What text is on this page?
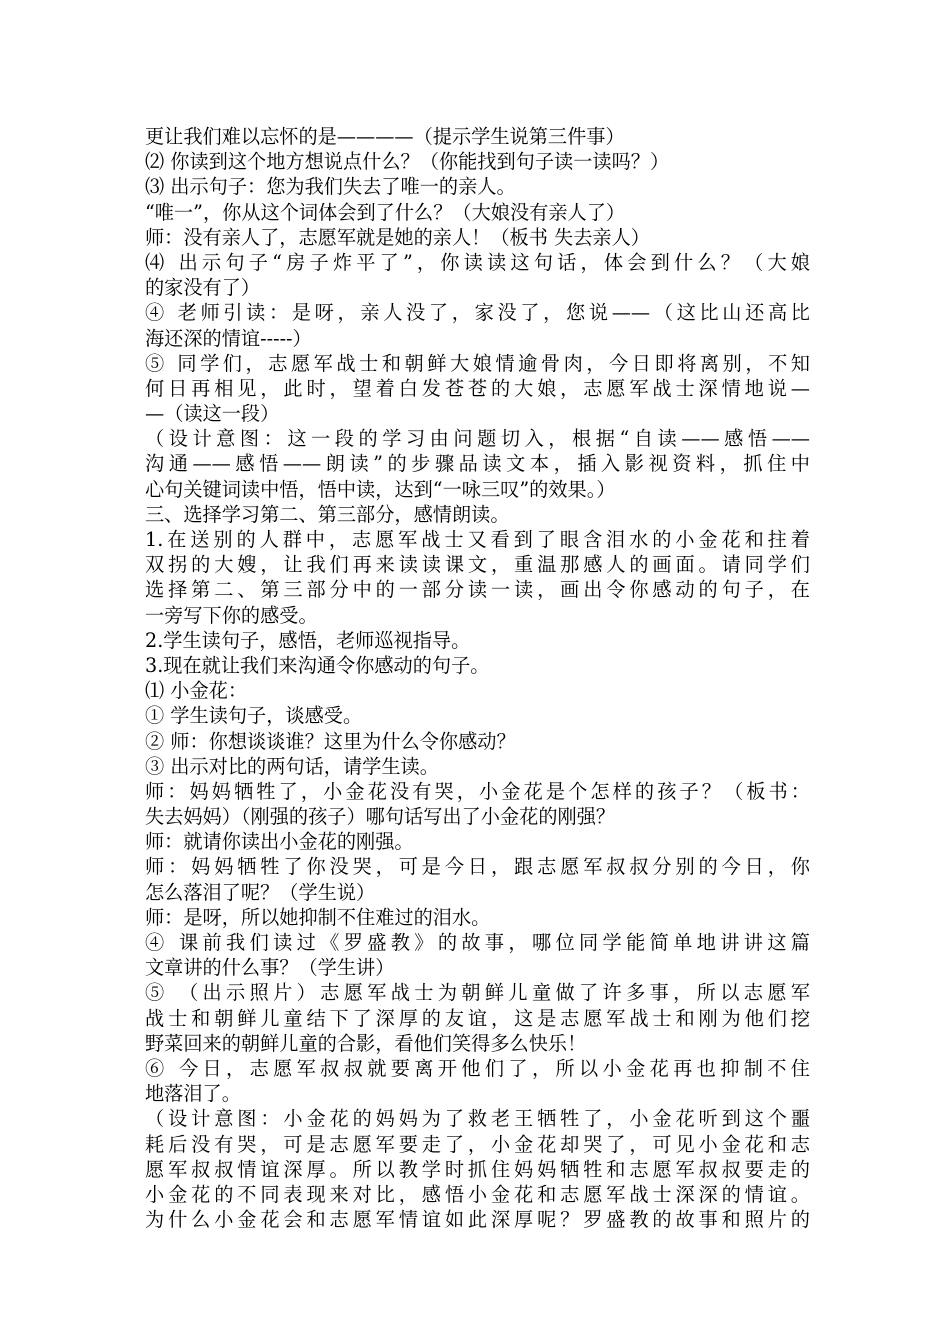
更让我们难以忘怀的是————（提示学生说第三件事）
⑵ 你读到这个地方想说点什么？（你能找到句子读一读吗？）
⑶ 出示句子：您为我们失去了唯一的亲人。
“唯一”，你从这个词体会到了什么？（大娘没有亲人了）
师：没有亲人了，志愿军就是她的亲人！（板书 失去亲人）
⑷ 出示句子“房子炸平了”，你读读这句话，体会到什么？（大娘
的家没有了）
④ 老师引读：是呀，亲人没了，家没了，您说——（这比山还高比
海还深的情谊-----）
⑤ 同学们，志愿军战士和朝鲜大娘情逾骨肉，今日即将离别，不知
何日再相见，此时，望着白发苍苍的大娘，志愿军战士深情地说—
—（读这一段）
（设计意图：这一段的学习由问题切入，根据“自读——感悟——
沟通——感悟——朗读”的步骤品读文本，插入影视资料，抓住中
心句关键词读中悟，悟中读，达到“一咏三叹”的效果。）
三、选择学习第二、第三部分，感情朗读。
1.在送别的人群中，志愿军战士又看到了眼含泪水的小金花和拄着
双拐的大嫂，让我们再来读读课文，重温那感人的画面。请同学们
选择第二、第三部分中的一部分读一读，画出令你感动的句子，在
一旁写下你的感受。
2.学生读句子，感悟，老师巡视指导。
3.现在就让我们来沟通令你感动的句子。
⑴ 小金花：
① 学生读句子，谈感受。
② 师：你想谈谈谁？这里为什么令你感动？
③ 出示对比的两句话，请学生读。
师：妈妈牺牲了，小金花没有哭，小金花是个怎样的孩子？（板书：
失去妈妈）（刚强的孩子）哪句话写出了小金花的刚强？
师：就请你读出小金花的刚强。
师：妈妈牺牲了你没哭，可是今日，跟志愿军叔叔分别的今日，你
怎么落泪了呢？（学生说）
师：是呀，所以她抑制不住难过的泪水。
④ 课前我们读过《罗盛教》的故事，哪位同学能简单地讲讲这篇
文章讲的什么事？（学生讲）
⑤ （出示照片）志愿军战士为朝鲜儿童做了许多事，所以志愿军
战士和朝鲜儿童结下了深厚的友谊，这是志愿军战士和刚为他们挖
野菜回来的朝鲜儿童的合影，看他们笑得多么快乐！
⑥ 今日，志愿军叔叔就要离开他们了，所以小金花再也抑制不住
地落泪了。
（设计意图：小金花的妈妈为了救老王牺牲了，小金花听到这个噩
耗后没有哭，可是志愿军要走了，小金花却哭了，可见小金花和志
愿军叔叔情谊深厚。所以教学时抓住妈妈牺牲和志愿军叔叔要走的
小金花的不同表现来对比，感悟小金花和志愿军战士深深的情谊。
为什么小金花会和志愿军情谊如此深厚呢？罗盛教的故事和照片的
